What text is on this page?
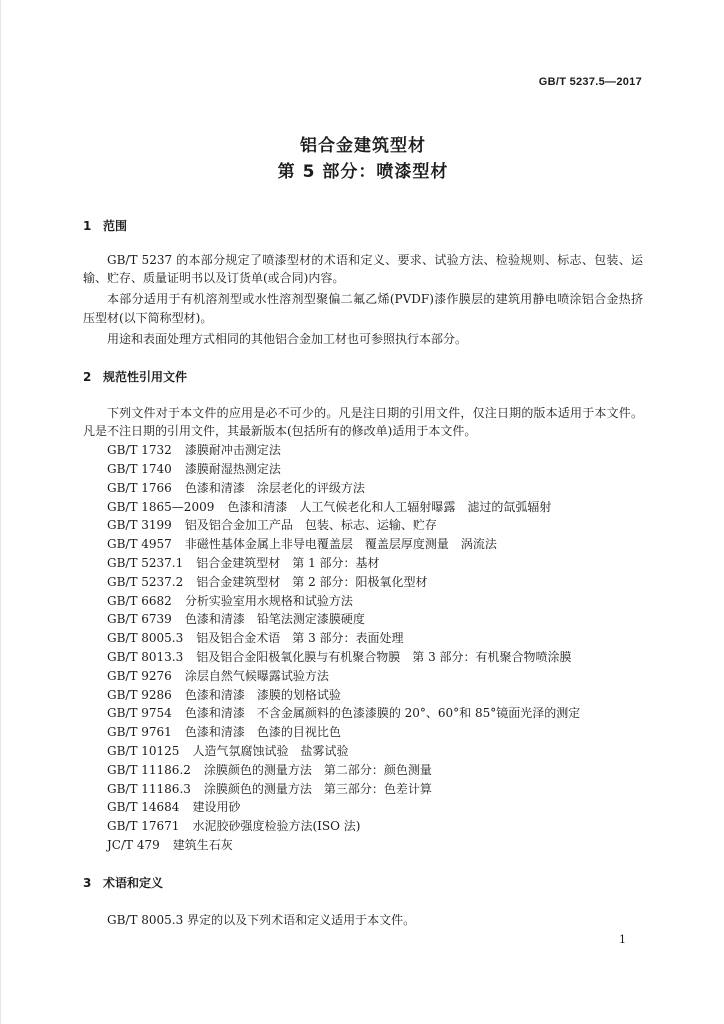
GB/T 5237.5—2017
铝合金建筑型材
第 5 部分：喷漆型材
1 范围

GB/T 5237 的本部分规定了喷漆型材的术语和定义、要求、试验方法、检验规则、标志、包装、运输、贮存、质量证明书以及订货单(或合同)内容。

本部分适用于有机溶剂型或水性溶剂型聚偏二氟乙烯(PVDF)漆作膜层的建筑用静电喷涂铝合金热挤压型材(以下简称型材)。

用途和表面处理方式相同的其他铝合金加工材也可参照执行本部分。

2 规范性引用文件

下列文件对于本文件的应用是必不可少的。凡是注日期的引用文件，仅注日期的版本适用于本文件。凡是不注日期的引用文件，其最新版本(包括所有的修改单)适用于本文件。

GB/T 1732 漆膜耐冲击测定法
GB/T 1740 漆膜耐湿热测定法
GB/T 1766 色漆和清漆　涂层老化的评级方法
GB/T 1865—2009 色漆和清漆　人工气候老化和人工辐射曝露　滤过的氙弧辐射
GB/T 3199 铝及铝合金加工产品　包装、标志、运输、贮存
GB/T 4957 非磁性基体金属上非导电覆盖层　覆盖层厚度测量　涡流法
GB/T 5237.1 铝合金建筑型材　第 1 部分：基材
GB/T 5237.2 铝合金建筑型材　第 2 部分：阳极氧化型材
GB/T 6682 分析实验室用水规格和试验方法
GB/T 6739 色漆和清漆　铅笔法测定漆膜硬度
GB/T 8005.3 铝及铝合金术语　第 3 部分：表面处理
GB/T 8013.3 铝及铝合金阳极氧化膜与有机聚合物膜　第 3 部分：有机聚合物喷涂膜
GB/T 9276 涂层自然气候曝露试验方法
GB/T 9286 色漆和清漆　漆膜的划格试验
GB/T 9754 色漆和清漆　不含金属颜料的色漆漆膜的 20°、60°和 85°镜面光泽的测定
GB/T 9761 色漆和清漆　色漆的目视比色
GB/T 10125 人造气氛腐蚀试验　盐雾试验
GB/T 11186.2 涂膜颜色的测量方法　第二部分：颜色测量
GB/T 11186.3 涂膜颜色的测量方法　第三部分：色差计算
GB/T 14684 建设用砂
GB/T 17671 水泥胶砂强度检验方法(ISO 法)
JC/T 479 建筑生石灰
3 术语和定义

GB/T 8005.3 界定的以及下列术语和定义适用于本文件。

1
